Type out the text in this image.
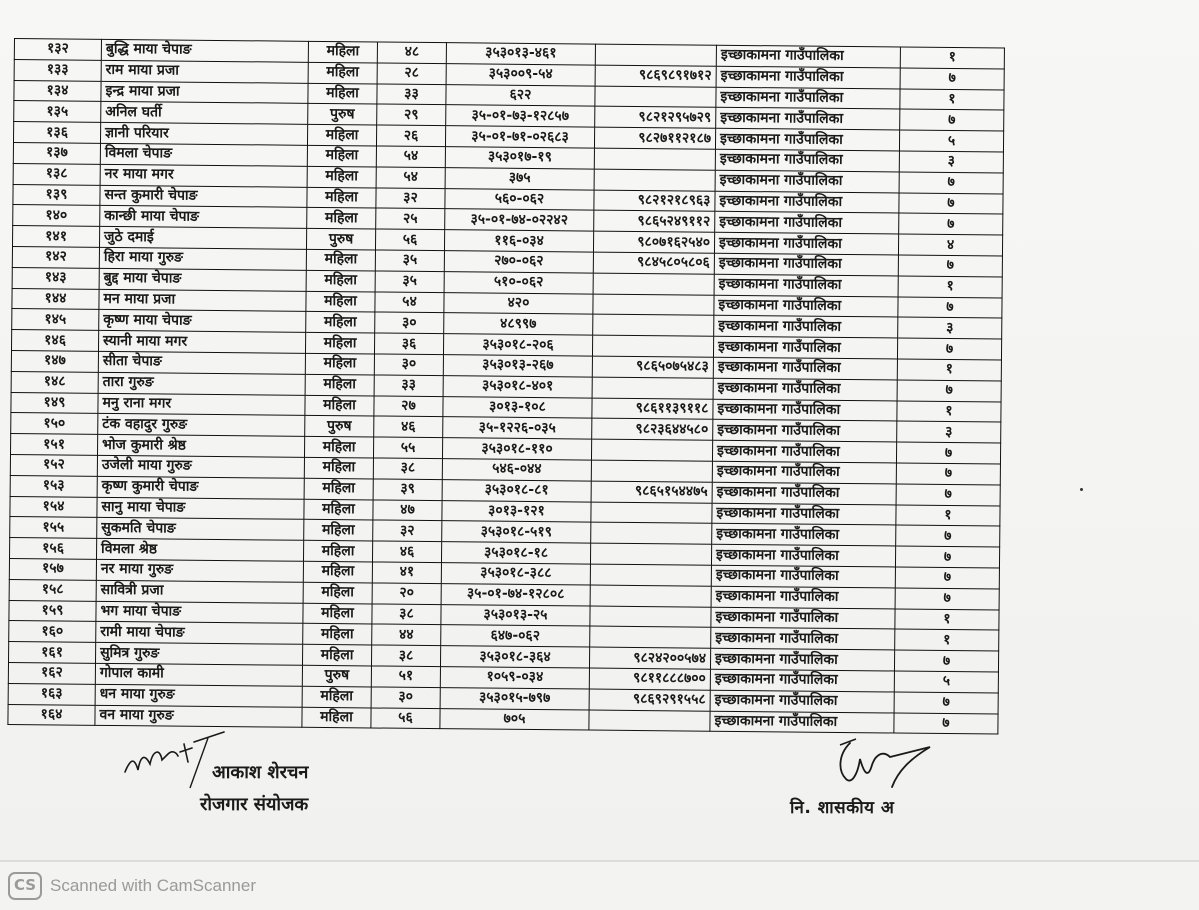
१३२	बुद्धि माया चेपाङ	महिला	४८	३५३०१३-४६१		इच्छाकामना गाउँपालिका	१
१३३	राम माया प्रजा	महिला	२८	३५३००९-५४	९८६९८९१७१२	इच्छाकामना गाउँपालिका	७
१३४	इन्द्र माया प्रजा	महिला	३३	६२२		इच्छाकामना गाउँपालिका	१
१३५	अनिल घर्ती	पुरुष	२९	३५-०१-७३-१२८५७	९८२१२९५७२९	इच्छाकामना गाउँपालिका	७
१३६	ज्ञानी परियार	महिला	२६	३५-०१-७१-०२६८३	९८२७११२१८७	इच्छाकामना गाउँपालिका	५
१३७	विमला चेपाङ	महिला	५४	३५३०१७-१९		इच्छाकामना गाउँपालिका	३
१३८	नर माया मगर	महिला	५४	३७५		इच्छाकामना गाउँपालिका	७
१३९	सन्त कुमारी चेपाङ	महिला	३२	५६०-०६२	९८२१२१८९६३	इच्छाकामना गाउँपालिका	७
१४०	कान्छी माया चेपाङ	महिला	२५	३५-०१-७४-०२२४२	९८६५२४९११२	इच्छाकामना गाउँपालिका	७
१४१	जुठे दमाई	पुरुष	५६	११६-०३४	९८०७१६२५४०	इच्छाकामना गाउँपालिका	४
१४२	हिरा माया गुरुङ	महिला	३५	२७०-०६२	९८४५८०५८०६	इच्छाकामना गाउँपालिका	७
१४३	बुद्द माया चेपाङ	महिला	३५	५१०-०६२		इच्छाकामना गाउँपालिका	१
१४४	मन माया प्रजा	महिला	५४	४२०		इच्छाकामना गाउँपालिका	७
१४५	कृष्ण माया चेपाङ	महिला	३०	४८९९७		इच्छाकामना गाउँपालिका	३
१४६	स्यानी माया मगर	महिला	३६	३५३०१८-२०६		इच्छाकामना गाउँपालिका	७
१४७	सीता चेपाङ	महिला	३०	३५३०१३-२६७	९८६५०७५४८३	इच्छाकामना गाउँपालिका	१
१४८	तारा गुरुङ	महिला	३३	३५३०१८-४०१		इच्छाकामना गाउँपालिका	७
१४९	मनु राना मगर	महिला	२७	३०१३-१०८	९८६११३९११८	इच्छाकामना गाउँपालिका	१
१५०	टंक वहादुर गुरुङ	पुरुष	४६	३५-१२२६-०३५	९८२३६४४५८०	इच्छाकामना गाउँपालिका	३
१५१	भोज कुमारी श्रेष्ठ	महिला	५५	३५३०१८-११०		इच्छाकामना गाउँपालिका	७
१५२	उजेली माया गुरुङ	महिला	३८	५४६-०४४		इच्छाकामना गाउँपालिका	७
१५३	कृष्ण कुमारी चेपाङ	महिला	३९	३५३०१८-८१	९८६५१५४४७५	इच्छाकामना गाउँपालिका	७
१५४	सानु माया चेपाङ	महिला	४७	३०१३-१२१		इच्छाकामना गाउँपालिका	१
१५५	सुकमति चेपाङ	महिला	३२	३५३०१८-५१९		इच्छाकामना गाउँपालिका	७
१५६	विमला श्रेष्ठ	महिला	४६	३५३०१८-१८		इच्छाकामना गाउँपालिका	७
१५७	नर माया गुरुङ	महिला	४१	३५३०१८-३८८		इच्छाकामना गाउँपालिका	७
१५८	सावित्री प्रजा	महिला	२०	३५-०१-७४-१२८०८		इच्छाकामना गाउँपालिका	७
१५९	भग माया चेपाङ	महिला	३८	३५३०१३-२५		इच्छाकामना गाउँपालिका	१
१६०	रामी माया चेपाङ	महिला	४४	६४७-०६२		इच्छाकामना गाउँपालिका	१
१६१	सुमित्र गुरुङ	महिला	३८	३५३०१८-३६४	९८२४२००५७४	इच्छाकामना गाउँपालिका	७
१६२	गोपाल कामी	पुरुष	५१	१०५९-०३४	९८११८८८७००	इच्छाकामना गाउँपालिका	५
१६३	धन माया गुरुङ	महिला	३०	३५३०१५-७९७	९८६९२९१५५८	इच्छाकामना गाउँपालिका	७
१६४	वन माया गुरुङ	महिला	५६	७०५		इच्छाकामना गाउँपालिका	७
आकाश शेरचन
रोजगार संयोजक	नि. शासकीय अ
CS Scanned with CamScanner
